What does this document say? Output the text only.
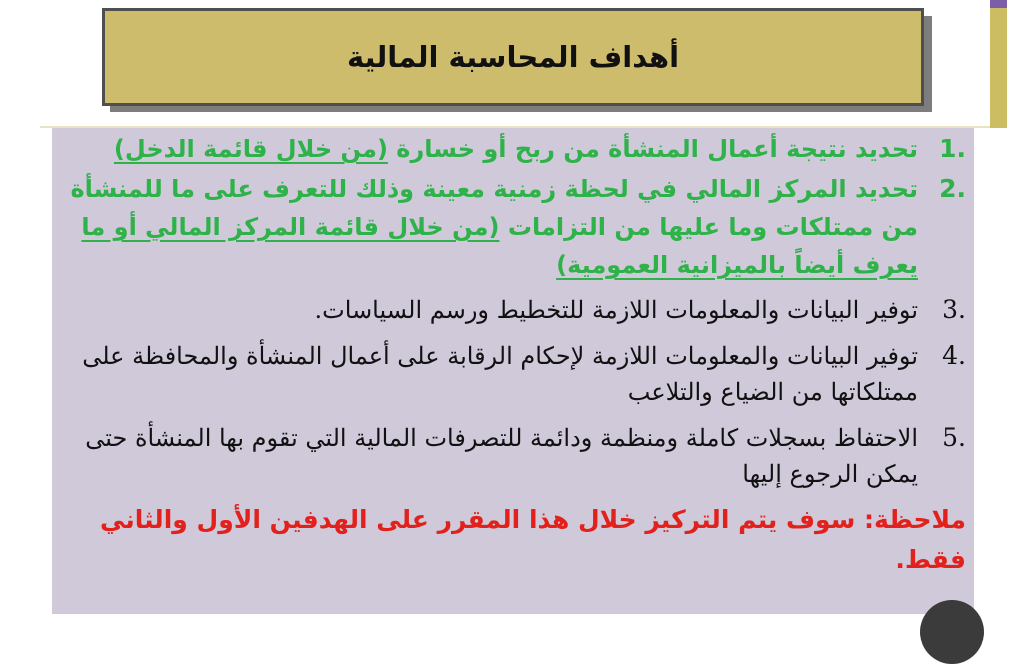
أهداف المحاسبة المالية
.1
تحديد نتيجة أعمال المنشأة من ربح أو خسارة (من خلال قائمة الدخل)
.2
تحديد المركز المالي في لحظة زمنية معينة وذلك للتعرف على ما للمنشأة من ممتلكات وما عليها من التزامات (من خلال قائمة المركز المالي أو ما يعرف أيضاً بالميزانية العمومية)
.3
توفير البيانات والمعلومات اللازمة للتخطيط ورسم السياسات.
.4
توفير البيانات والمعلومات اللازمة لإحكام الرقابة على أعمال المنشأة والمحافظة على ممتلكاتها من الضياع والتلاعب
.5
الاحتفاظ بسجلات كاملة ومنظمة ودائمة للتصرفات المالية التي تقوم بها المنشأة حتى يمكن الرجوع إليها
ملاحظة: سوف يتم التركيز خلال هذا المقرر على الهدفين الأول والثاني فقط.
